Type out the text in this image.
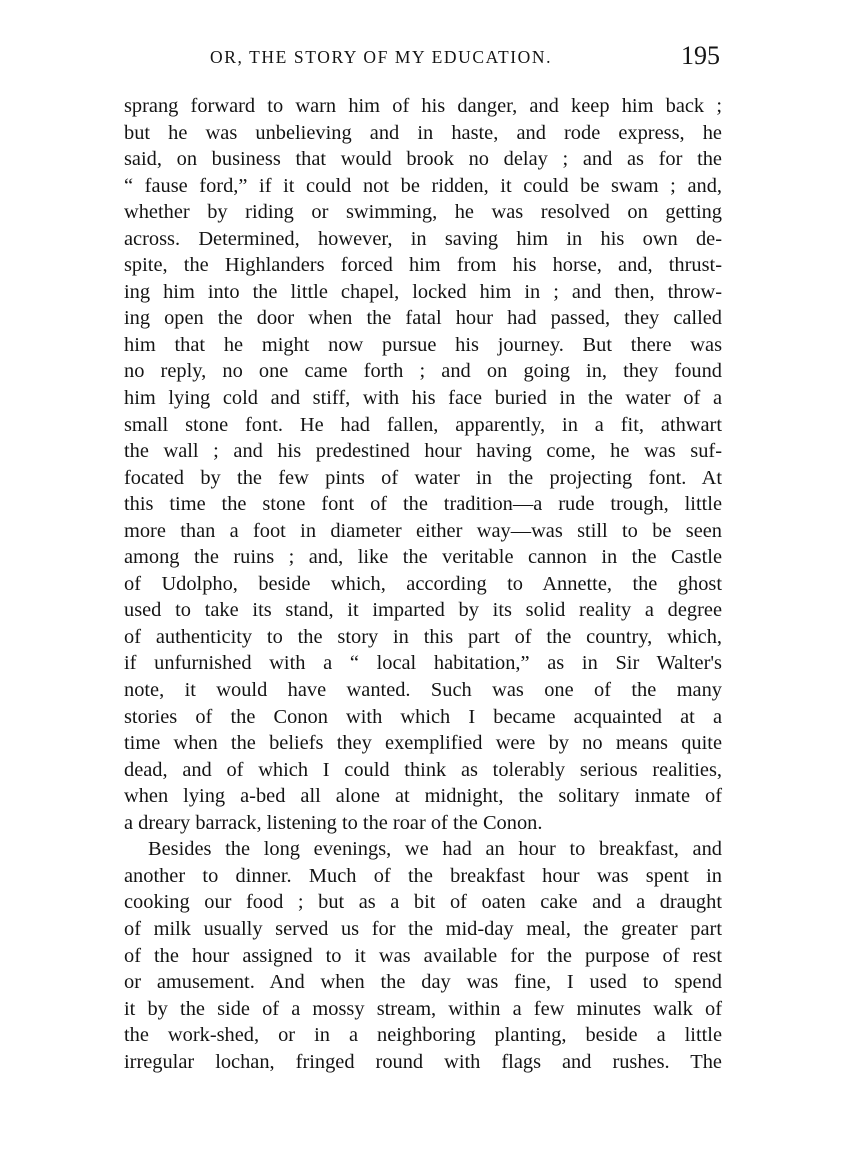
OR, THE STORY OF MY EDUCATION.	195
sprang forward to warn him of his danger, and keep him back ;
but he was unbelieving and in haste, and rode express, he
said, on business that would brook no delay ; and as for the
“ fause ford,” if it could not be ridden, it could be swam ; and,
whether by riding or swimming, he was resolved on getting
across. Determined, however, in saving him in his own de-
spite, the Highlanders forced him from his horse, and, thrust-
ing him into the little chapel, locked him in ; and then, throw-
ing open the door when the fatal hour had passed, they called
him that he might now pursue his journey. But there was
no reply, no one came forth ; and on going in, they found
him lying cold and stiff, with his face buried in the water of a
small stone font. He had fallen, apparently, in a fit, athwart
the wall ; and his predestined hour having come, he was suf-
focated by the few pints of water in the projecting font. At
this time the stone font of the tradition—a rude trough, little
more than a foot in diameter either way—was still to be seen
among the ruins ; and, like the veritable cannon in the Castle
of Udolpho, beside which, according to Annette, the ghost
used to take its stand, it imparted by its solid reality a degree
of authenticity to the story in this part of the country, which,
if unfurnished with a “ local habitation,” as in Sir Walter's
note, it would have wanted. Such was one of the many
stories of the Conon with which I became acquainted at a
time when the beliefs they exemplified were by no means quite
dead, and of which I could think as tolerably serious realities,
when lying a-bed all alone at midnight, the solitary inmate of
a dreary barrack, listening to the roar of the Conon.
Besides the long evenings, we had an hour to breakfast, and
another to dinner. Much of the breakfast hour was spent in
cooking our food ; but as a bit of oaten cake and a draught
of milk usually served us for the mid-day meal, the greater part
of the hour assigned to it was available for the purpose of rest
or amusement. And when the day was fine, I used to spend
it by the side of a mossy stream, within a few minutes walk of
the work-shed, or in a neighboring planting, beside a little
irregular lochan, fringed round with flags and rushes. The
